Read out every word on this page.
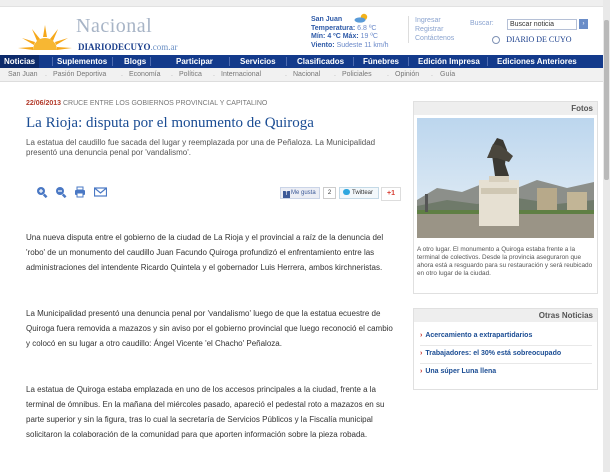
Nacional
DIARIODECUYO.com.ar
San Juan
Temperatura: 6.8 ºC
Mín: 4 ºC Máx: 19 ºC
Viento: Sudeste 11 km/h
Ingresar
Registrar
Contáctenos
Buscar:	Buscar noticia	›
DIARIO DE CUYO
Noticias	Suplementos Blogs	Participar	Servicios	Clasificados Fúnebres Edición Impresa Ediciones Anteriores
San Juan . Pasión Deportiva . Economía . Política . Internacional	. Nacional . Policiales . Opinión . Guía
22/06/2013 CRUCE ENTRE LOS GOBIERNOS PROVINCIAL Y CAPITALINO
La Rioja: disputa por el monumento de Quiroga
La estatua del caudillo fue sacada del lugar y reemplazada por una de Peñaloza. La Municipalidad presentó una denuncia penal por 'vandalismo'.
f Me gusta	2	Twittear	+1
Una nueva disputa entre el gobierno de la ciudad de La Rioja y el provincial a raíz de la denuncia del 'robo' de un monumento del caudillo Juan Facundo Quiroga profundizó el enfrentamiento entre las administraciones del intendente Ricardo Quintela y el gobernador Luis Herrera, ambos kirchneristas.
La Municipalidad presentó una denuncia penal por 'vandalismo' luego de que la estatua ecuestre de Quiroga fuera removida a mazazos y sin aviso por el gobierno provincial que luego reconoció el cambio y colocó en su lugar a otro caudillo: Ángel Vicente 'el Chacho' Peñaloza.
La estatua de Quiroga estaba emplazada en uno de los accesos principales a la ciudad, frente a la terminal de ómnibus. En la mañana del miércoles pasado, apareció el pedestal roto a mazazos en su parte superior y sin la figura, tras lo cual la secretaría de Servicios Públicos y la Fiscalía municipal solicitaron la colaboración de la comunidad para que aporten información sobre la pieza robada.
Fotos
A otro lugar. El monumento a Quiroga estaba frente a la terminal de colectivos. Desde la provincia aseguraron que ahora está a resguardo para su restauración y será reubicado en otro lugar de la ciudad.
Otras Noticias
› Acercamiento a extrapartidarios
› Trabajadores: el 30% está sobreocupado
› Una súper Luna llena
